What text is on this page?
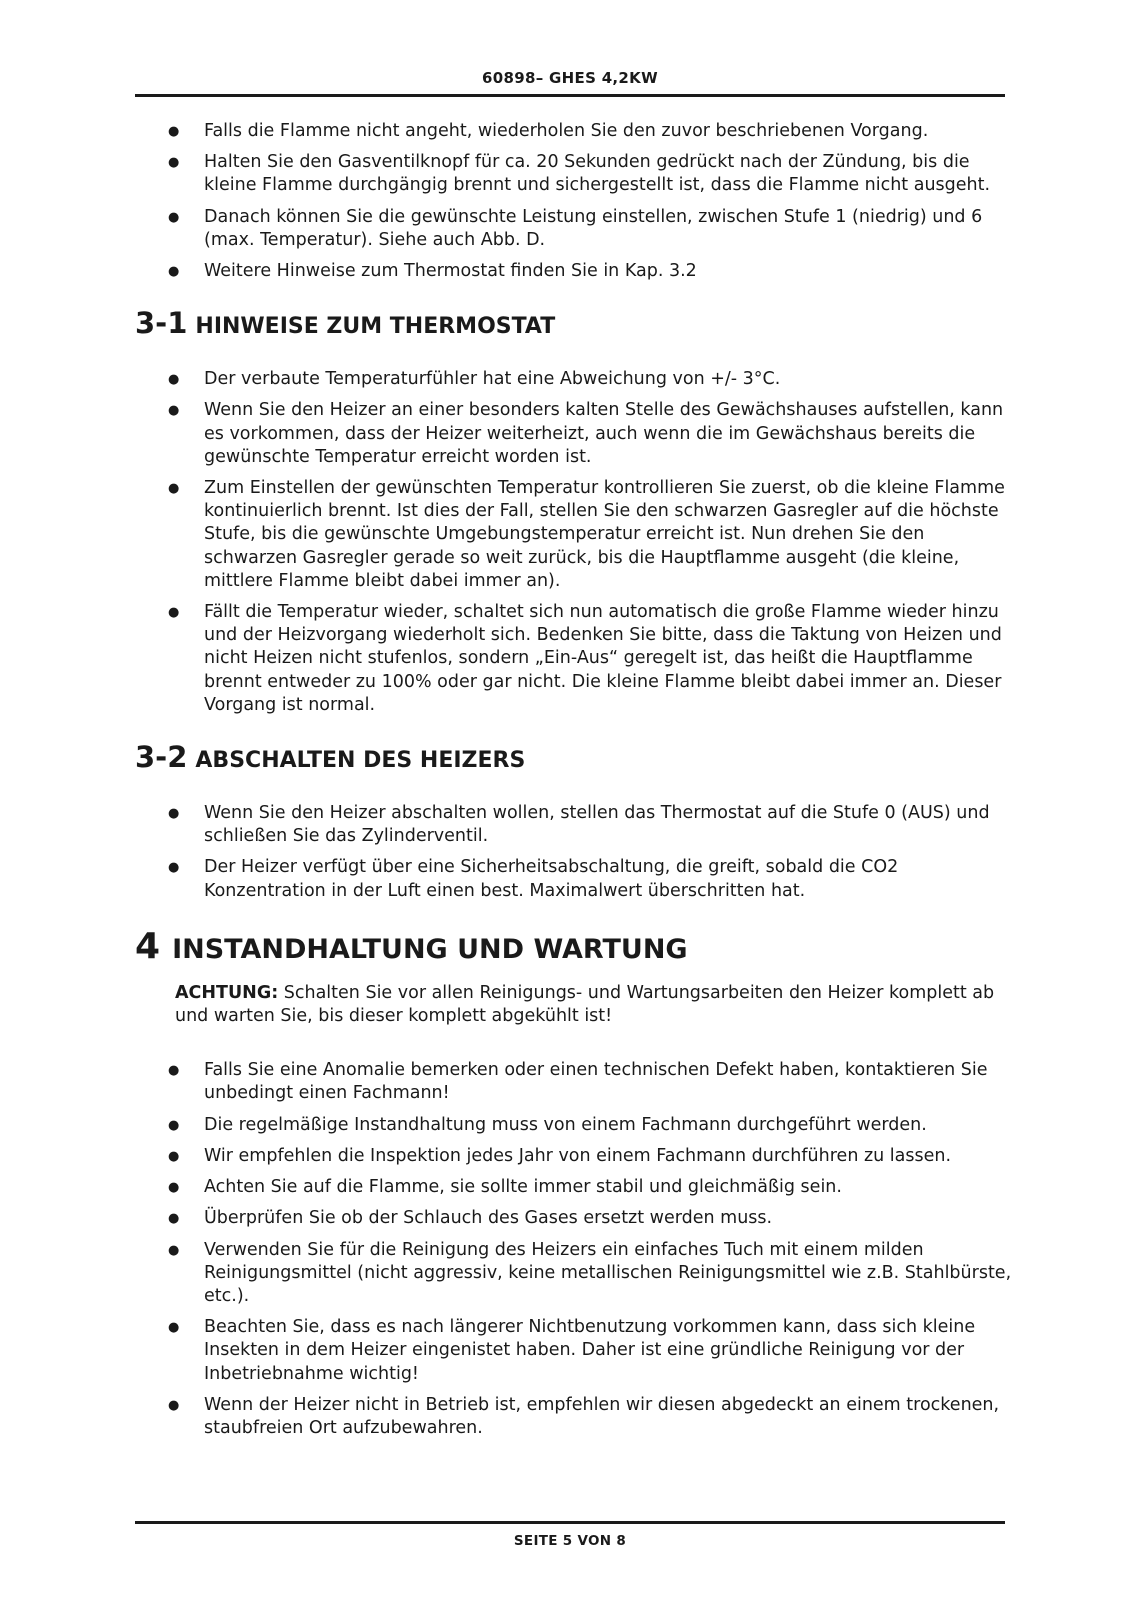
60898– GHES 4,2KW
● Falls die Flamme nicht angeht, wiederholen Sie den zuvor beschriebenen Vorgang.
● Halten Sie den Gasventilknopf für ca. 20 Sekunden gedrückt nach der Zündung, bis die kleine Flamme durchgängig brennt und sichergestellt ist, dass die Flamme nicht ausgeht.
● Danach können Sie die gewünschte Leistung einstellen, zwischen Stufe 1 (niedrig) und 6 (max. Temperatur). Siehe auch Abb. D.
● Weitere Hinweise zum Thermostat finden Sie in Kap. 3.2
3-1 HINWEISE ZUM THERMOSTAT
● Der verbaute Temperaturfühler hat eine Abweichung von +/- 3°C.
● Wenn Sie den Heizer an einer besonders kalten Stelle des Gewächshauses aufstellen, kann es vorkommen, dass der Heizer weiterheizt, auch wenn die im Gewächshaus bereits die gewünschte Temperatur erreicht worden ist.
● Zum Einstellen der gewünschten Temperatur kontrollieren Sie zuerst, ob die kleine Flamme kontinuierlich brennt. Ist dies der Fall, stellen Sie den schwarzen Gasregler auf die höchste Stufe, bis die gewünschte Umgebungstemperatur erreicht ist. Nun drehen Sie den schwarzen Gasregler gerade so weit zurück, bis die Hauptflamme ausgeht (die kleine, mittlere Flamme bleibt dabei immer an).
● Fällt die Temperatur wieder, schaltet sich nun automatisch die große Flamme wieder hinzu und der Heizvorgang wiederholt sich. Bedenken Sie bitte, dass die Taktung von Heizen und nicht Heizen nicht stufenlos, sondern „Ein-Aus“ geregelt ist, das heißt die Hauptflamme brennt entweder zu 100% oder gar nicht. Die kleine Flamme bleibt dabei immer an. Dieser Vorgang ist normal.
3-2 ABSCHALTEN DES HEIZERS
● Wenn Sie den Heizer abschalten wollen, stellen das Thermostat auf die Stufe 0 (AUS) und schließen Sie das Zylinderventil.
● Der Heizer verfügt über eine Sicherheitsabschaltung, die greift, sobald die CO2 Konzentration in der Luft einen best. Maximalwert überschritten hat.
4 INSTANDHALTUNG UND WARTUNG
ACHTUNG: Schalten Sie vor allen Reinigungs- und Wartungsarbeiten den Heizer komplett ab und warten Sie, bis dieser komplett abgekühlt ist!
● Falls Sie eine Anomalie bemerken oder einen technischen Defekt haben, kontaktieren Sie unbedingt einen Fachmann!
● Die regelmäßige Instandhaltung muss von einem Fachmann durchgeführt werden.
● Wir empfehlen die Inspektion jedes Jahr von einem Fachmann durchführen zu lassen.
● Achten Sie auf die Flamme, sie sollte immer stabil und gleichmäßig sein.
● Überprüfen Sie ob der Schlauch des Gases ersetzt werden muss.
● Verwenden Sie für die Reinigung des Heizers ein einfaches Tuch mit einem milden Reinigungsmittel (nicht aggressiv, keine metallischen Reinigungsmittel wie z.B. Stahlbürste, etc.).
● Beachten Sie, dass es nach längerer Nichtbenutzung vorkommen kann, dass sich kleine Insekten in dem Heizer eingenistet haben. Daher ist eine gründliche Reinigung vor der Inbetriebnahme wichtig!
● Wenn der Heizer nicht in Betrieb ist, empfehlen wir diesen abgedeckt an einem trockenen, staubfreien Ort aufzubewahren.
SEITE 5 VON 8
